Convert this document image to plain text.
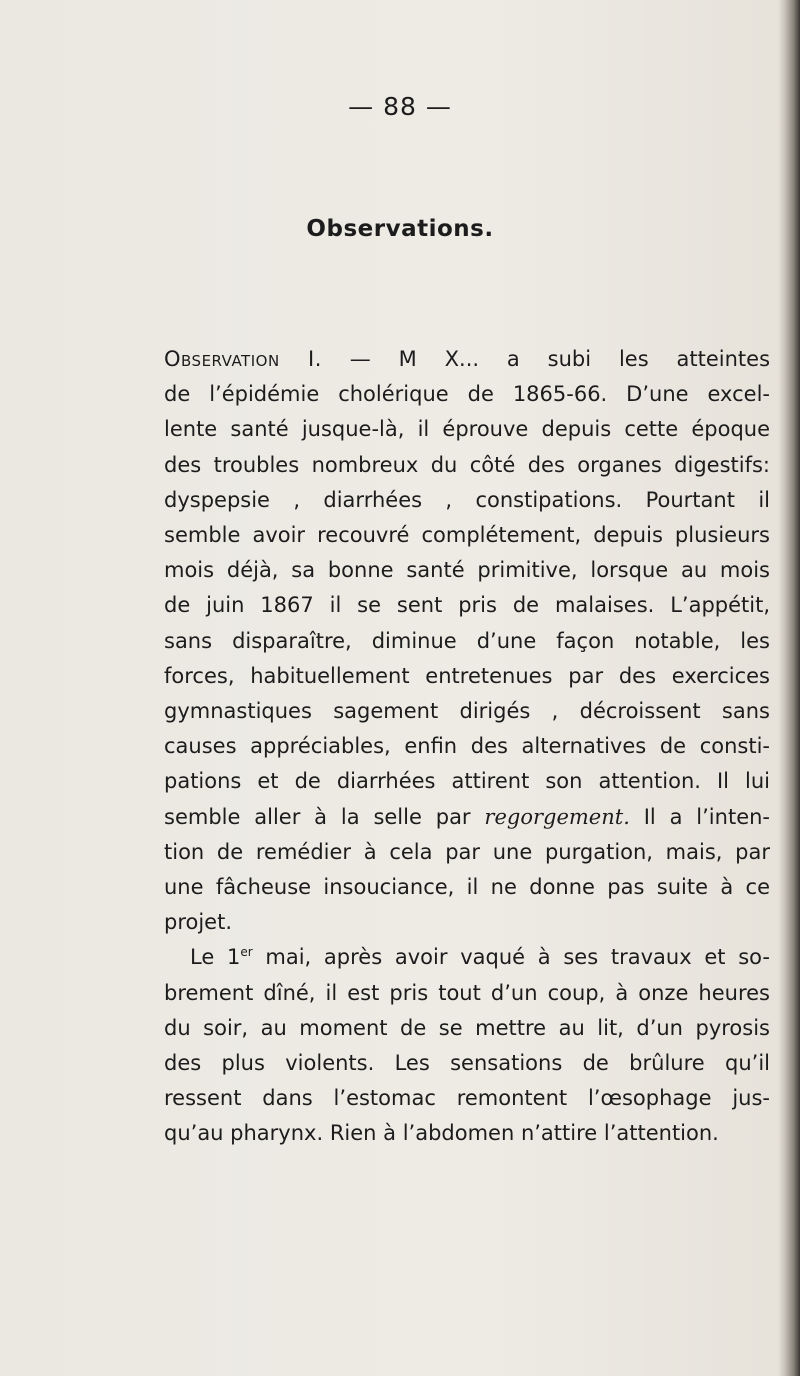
— 88 —
Observations.
Observation I. — M X... a subi les atteintes
de l’épidémie cholérique de 1865-66. D’une excel-
lente santé jusque-là, il éprouve depuis cette époque
des troubles nombreux du côté des organes digestifs:
dyspepsie , diarrhées , constipations. Pourtant il
semble avoir recouvré complétement, depuis plusieurs
mois déjà, sa bonne santé primitive, lorsque au mois
de juin 1867 il se sent pris de malaises. L’appétit,
sans disparaître, diminue d’une façon notable, les
forces, habituellement entretenues par des exercices
gymnastiques sagement dirigés , décroissent sans
causes appréciables, enfin des alternatives de consti-
pations et de diarrhées attirent son attention. Il lui
semble aller à la selle par regorgement. Il a l’inten-
tion de remédier à cela par une purgation, mais, par
une fâcheuse insouciance, il ne donne pas suite à ce
projet.
Le 1er mai, après avoir vaqué à ses travaux et so-
brement dîné, il est pris tout d’un coup, à onze heures
du soir, au moment de se mettre au lit, d’un pyrosis
des plus violents. Les sensations de brûlure qu’il
ressent dans l’estomac remontent l’œsophage jus-
qu’au pharynx. Rien à l’abdomen n’attire l’attention.
